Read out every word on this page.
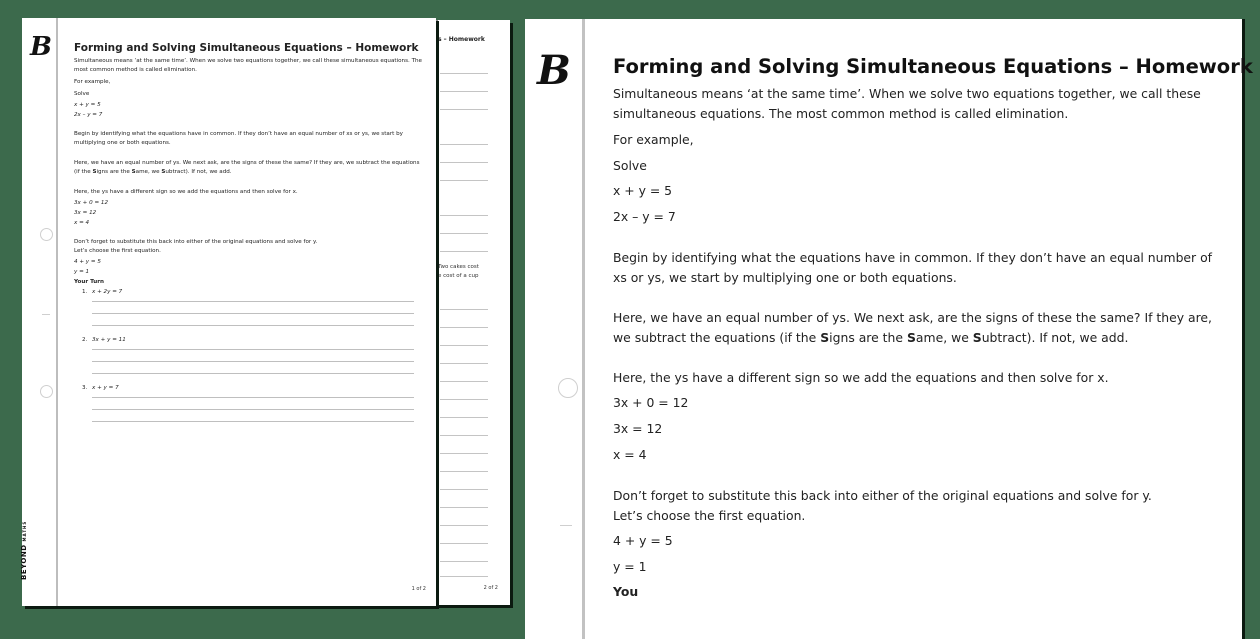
s – Homework
Two cakes cost
e cost of a cup
2 of 2
B
BEYONDMATHS
Forming and Solving Simultaneous Equations – Homework

Simultaneous means ‘at the same time’. When we solve two equations together, we call these simultaneous equations. The most common method is called elimination.

For example,

Solve

x + y = 5
2x – y = 7

Begin by identifying what the equations have in common. If they don’t have an equal number of xs or ys, we start by multiplying one or both equations.

Here, we have an equal number of ys. We next ask, are the signs of these the same? If they are, we subtract the equations (if the Signs are the Same, we Subtract). If not, we add.

Here, the ys have a different sign so we add the equations and then solve for x.

3x + 0 = 12
3x = 12
x = 4

Don’t forget to substitute this back into either of the original equations and solve for y.

Let’s choose the first equation.

4 + y = 5
y = 1
Your Turn
1. x + 2y = 7
2. 3x + y = 11
3. x + y = 7
1 of 2
B Forming and Solving Simultaneous Equations – Homework

Simultaneous means ‘at the same time’. When we solve two equations together, we call these simultaneous equations. The most common method is called elimination.

For example,

Solve

x + y = 5
2x – y = 7

Begin by identifying what the equations have in common. If they don’t have an equal number of xs or ys, we start by multiplying one or both equations.

Here, we have an equal number of ys. We next ask, are the signs of these the same? If they are, we subtract the equations (if the Signs are the Same, we Subtract). If not, we add.

Here, the ys have a different sign so we add the equations and then solve for x.

3x + 0 = 12
3x = 12
x = 4

Don’t forget to substitute this back into either of the original equations and solve for y.

Let’s choose the first equation.

4 + y = 5
y = 1
You
